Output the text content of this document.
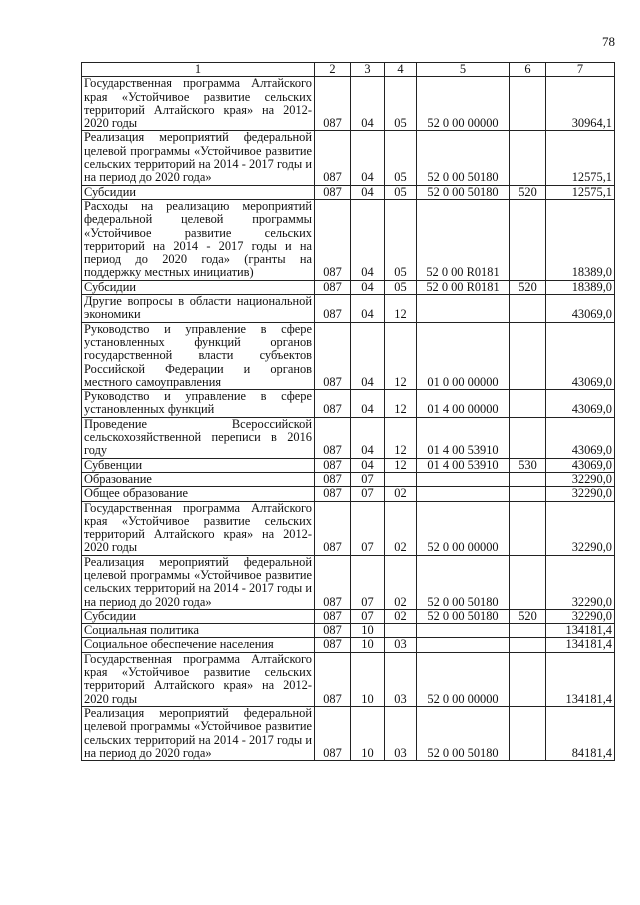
78
1	2	3	4	5	6	7
Государственная программа Алтайского края «Устойчивое развитие сельских территорий Алтайского края» на 2012-2020 годы	087	04	05	52 0 00 00000		30964,1
Реализация мероприятий федеральной целевой программы «Устойчивое развитие сельских территорий на 2014 - 2017 годы и на период до 2020 года»	087	04	05	52 0 00 50180		12575,1
Субсидии	087	04	05	52 0 00 50180	520	12575,1
Расходы на реализацию мероприятий федеральной целевой программы «Устойчивое развитие сельских территорий на 2014 - 2017 годы и на период до 2020 года» (гранты на поддержку местных инициатив)	087	04	05	52 0 00 R0181		18389,0
Субсидии	087	04	05	52 0 00 R0181	520	18389,0
Другие вопросы в области национальной экономики	087	04	12			43069,0
Руководство и управление в сфере установленных функций органов государственной власти субъектов Российской Федерации и органов местного самоуправления	087	04	12	01 0 00 00000		43069,0
Руководство и управление в сфере установленных функций	087	04	12	01 4 00 00000		43069,0
Проведение Всероссийской сельскохозяйственной переписи в 2016 году	087	04	12	01 4 00 53910		43069,0
Субвенции	087	04	12	01 4 00 53910	530	43069,0
Образование	087	07				32290,0
Общее образование	087	07	02			32290,0
Государственная программа Алтайского края «Устойчивое развитие сельских территорий Алтайского края» на 2012-2020 годы	087	07	02	52 0 00 00000		32290,0
Реализация мероприятий федеральной целевой программы «Устойчивое развитие сельских территорий на 2014 - 2017 годы и на период до 2020 года»	087	07	02	52 0 00 50180		32290,0
Субсидии	087	07	02	52 0 00 50180	520	32290,0
Социальная политика	087	10				134181,4
Социальное обеспечение населения	087	10	03			134181,4
Государственная программа Алтайского края «Устойчивое развитие сельских территорий Алтайского края» на 2012-2020 годы	087	10	03	52 0 00 00000		134181,4
Реализация мероприятий федеральной целевой программы «Устойчивое развитие сельских территорий на 2014 - 2017 годы и на период до 2020 года»	087	10	03	52 0 00 50180		84181,4
